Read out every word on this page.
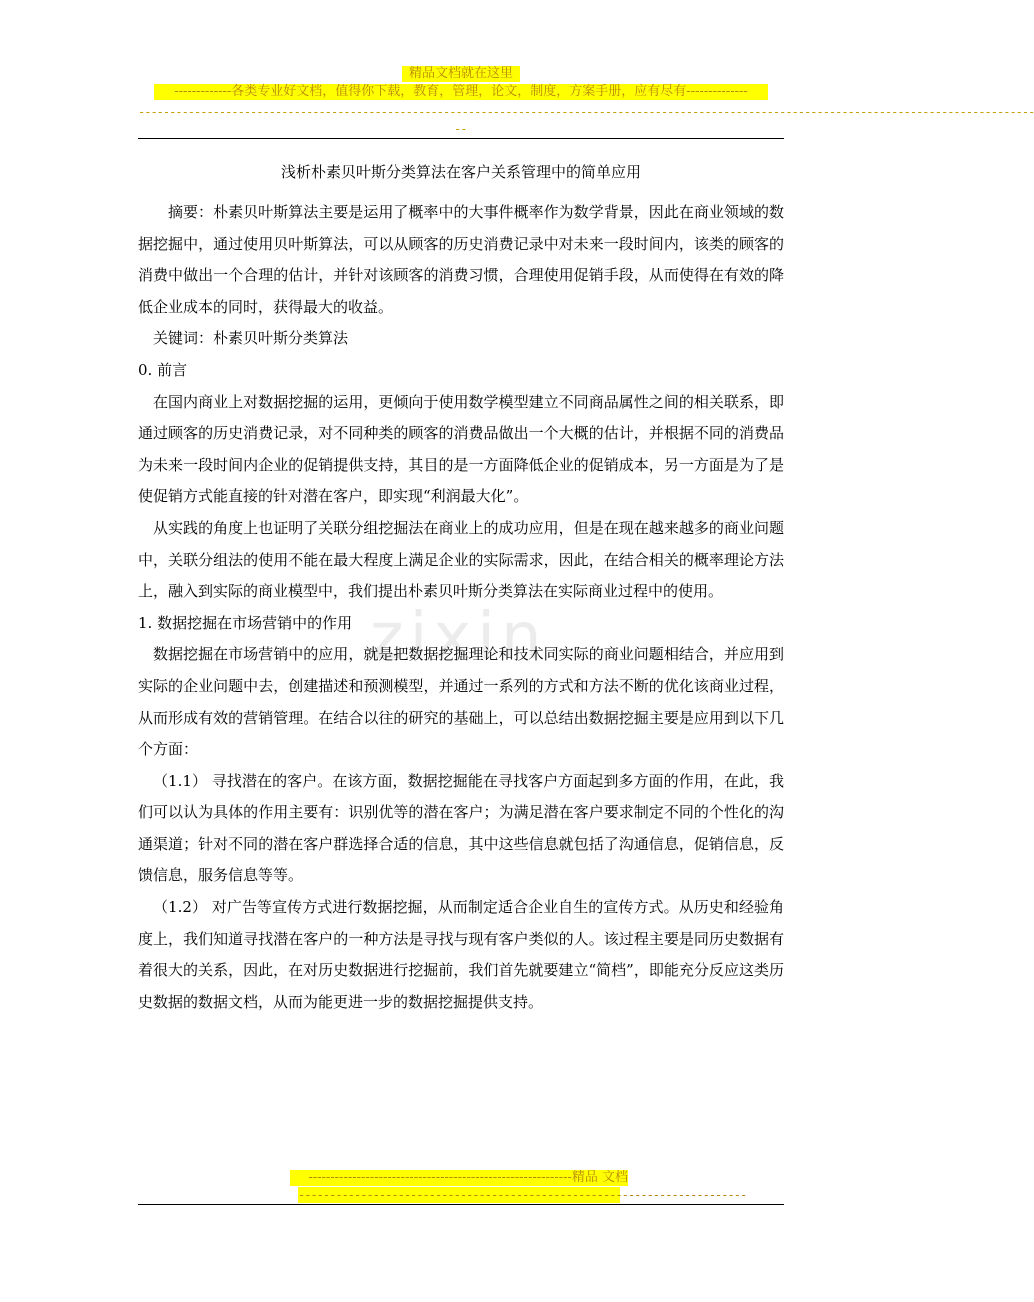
精品文档就在这里
-------------各类专业好文档，值得你下载，教育，管理，论文，制度，方案手册，应有尽有--------------
------------------------------------------------------------------------------------------------------------------------------------------------
--
zixin
浅析朴素贝叶斯分类算法在客户关系管理中的简单应用

摘要：朴素贝叶斯算法主要是运用了概率中的大事件概率作为数学背景，因此在商业领域的数据挖掘中，通过使用贝叶斯算法，可以从顾客的历史消费记录中对未来一段时间内，该类的顾客的消费中做出一个合理的估计，并针对该顾客的消费习惯，合理使用促销手段，从而使得在有效的降低企业成本的同时，获得最大的收益。

关键词：朴素贝叶斯分类算法

0. 前言

在国内商业上对数据挖掘的运用，更倾向于使用数学模型建立不同商品属性之间的相关联系，即通过顾客的历史消费记录，对不同种类的顾客的消费品做出一个大概的估计，并根据不同的消费品为未来一段时间内企业的促销提供支持，其目的是一方面降低企业的促销成本，另一方面是为了是使促销方式能直接的针对潜在客户，即实现“利润最大化”。

从实践的角度上也证明了关联分组挖掘法在商业上的成功应用，但是在现在越来越多的商业问题中，关联分组法的使用不能在最大程度上满足企业的实际需求，因此，在结合相关的概率理论方法上，融入到实际的商业模型中，我们提出朴素贝叶斯分类算法在实际商业过程中的使用。

1. 数据挖掘在市场营销中的作用

数据挖掘在市场营销中的应用，就是把数据挖掘理论和技术同实际的商业问题相结合，并应用到实际的企业问题中去，创建描述和预测模型，并通过一系列的方式和方法不断的优化该商业过程，从而形成有效的营销管理。在结合以往的研究的基础上，可以总结出数据挖掘主要是应用到以下几个方面：

（1.1） 寻找潜在的客户。在该方面，数据挖掘能在寻找客户方面起到多方面的作用，在此，我们可以认为具体的作用主要有：识别优等的潜在客户；为满足潜在客户要求制定不同的个性化的沟通渠道；针对不同的潜在客户群选择合适的信息，其中这些信息就包括了沟通信息，促销信息，反馈信息，服务信息等等。

（1.2） 对广告等宣传方式进行数据挖掘，从而制定适合企业自生的宣传方式。从历史和经验角度上，我们知道寻找潜在客户的一种方法是寻找与现有客户类似的人。该过程主要是同历史数据有着很大的关系，因此，在对历史数据进行挖掘前，我们首先就要建立“简档”，即能充分反应这类历史数据的数据文档，从而为能更进一步的数据挖掘提供支持。

------------------------------------------------------------精品 文档
------------------------------------------------------------------------
